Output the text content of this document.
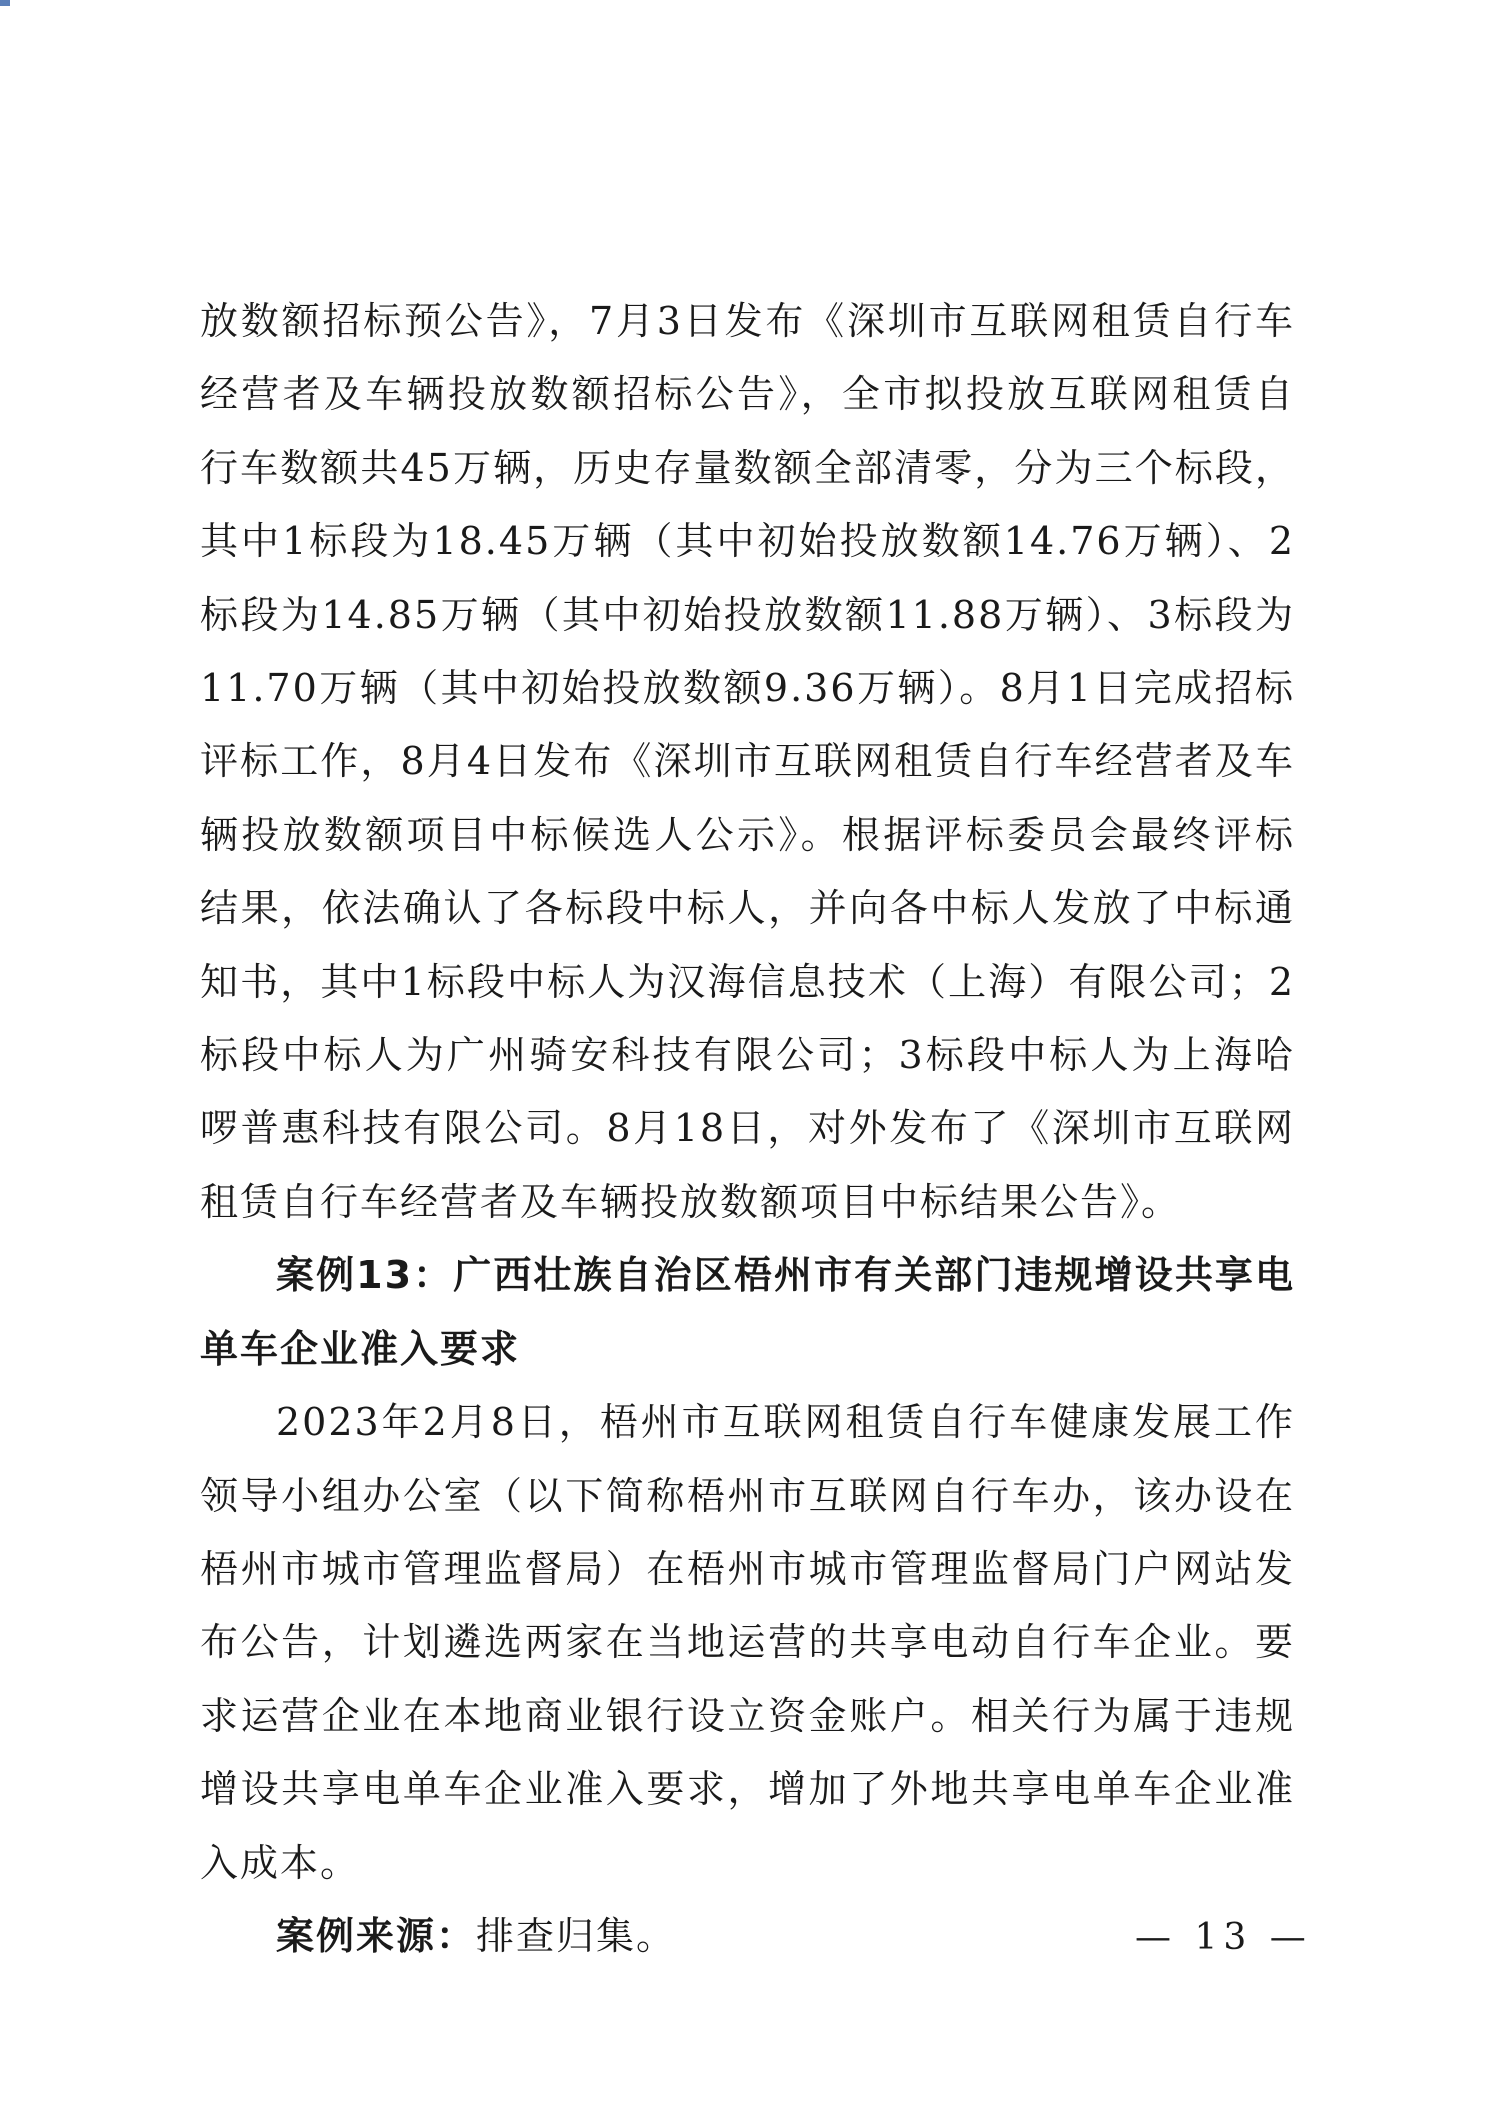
放数额招标预公告》，7月3日发布《深圳市互联网租赁自行车经营者及车辆投放数额招标公告》，全市拟投放互联网租赁自行车数额共45万辆，历史存量数额全部清零，分为三个标段，其中1标段为18.45万辆（其中初始投放数额14.76万辆）、2标段为14.85万辆（其中初始投放数额11.88万辆）、3标段为11.70万辆（其中初始投放数额9.36万辆）。8月1日完成招标评标工作，8月4日发布《深圳市互联网租赁自行车经营者及车辆投放数额项目中标候选人公示》。根据评标委员会最终评标结果，依法确认了各标段中标人，并向各中标人发放了中标通知书，其中1标段中标人为汉海信息技术（上海）有限公司；2标段中标人为广州骑安科技有限公司；3标段中标人为上海哈啰普惠科技有限公司。8月18日，对外发布了《深圳市互联网租赁自行车经营者及车辆投放数额项目中标结果公告》。

案例13：广西壮族自治区梧州市有关部门违规增设共享电单车企业准入要求

2023年2月8日，梧州市互联网租赁自行车健康发展工作领导小组办公室（以下简称梧州市互联网自行车办，该办设在梧州市城市管理监督局）在梧州市城市管理监督局门户网站发布公告，计划遴选两家在当地运营的共享电动自行车企业。要求运营企业在本地商业银行设立资金账户。相关行为属于违规增设共享电单车企业准入要求，增加了外地共享电单车企业准入成本。

案例来源：排查归集。	— 13 —
